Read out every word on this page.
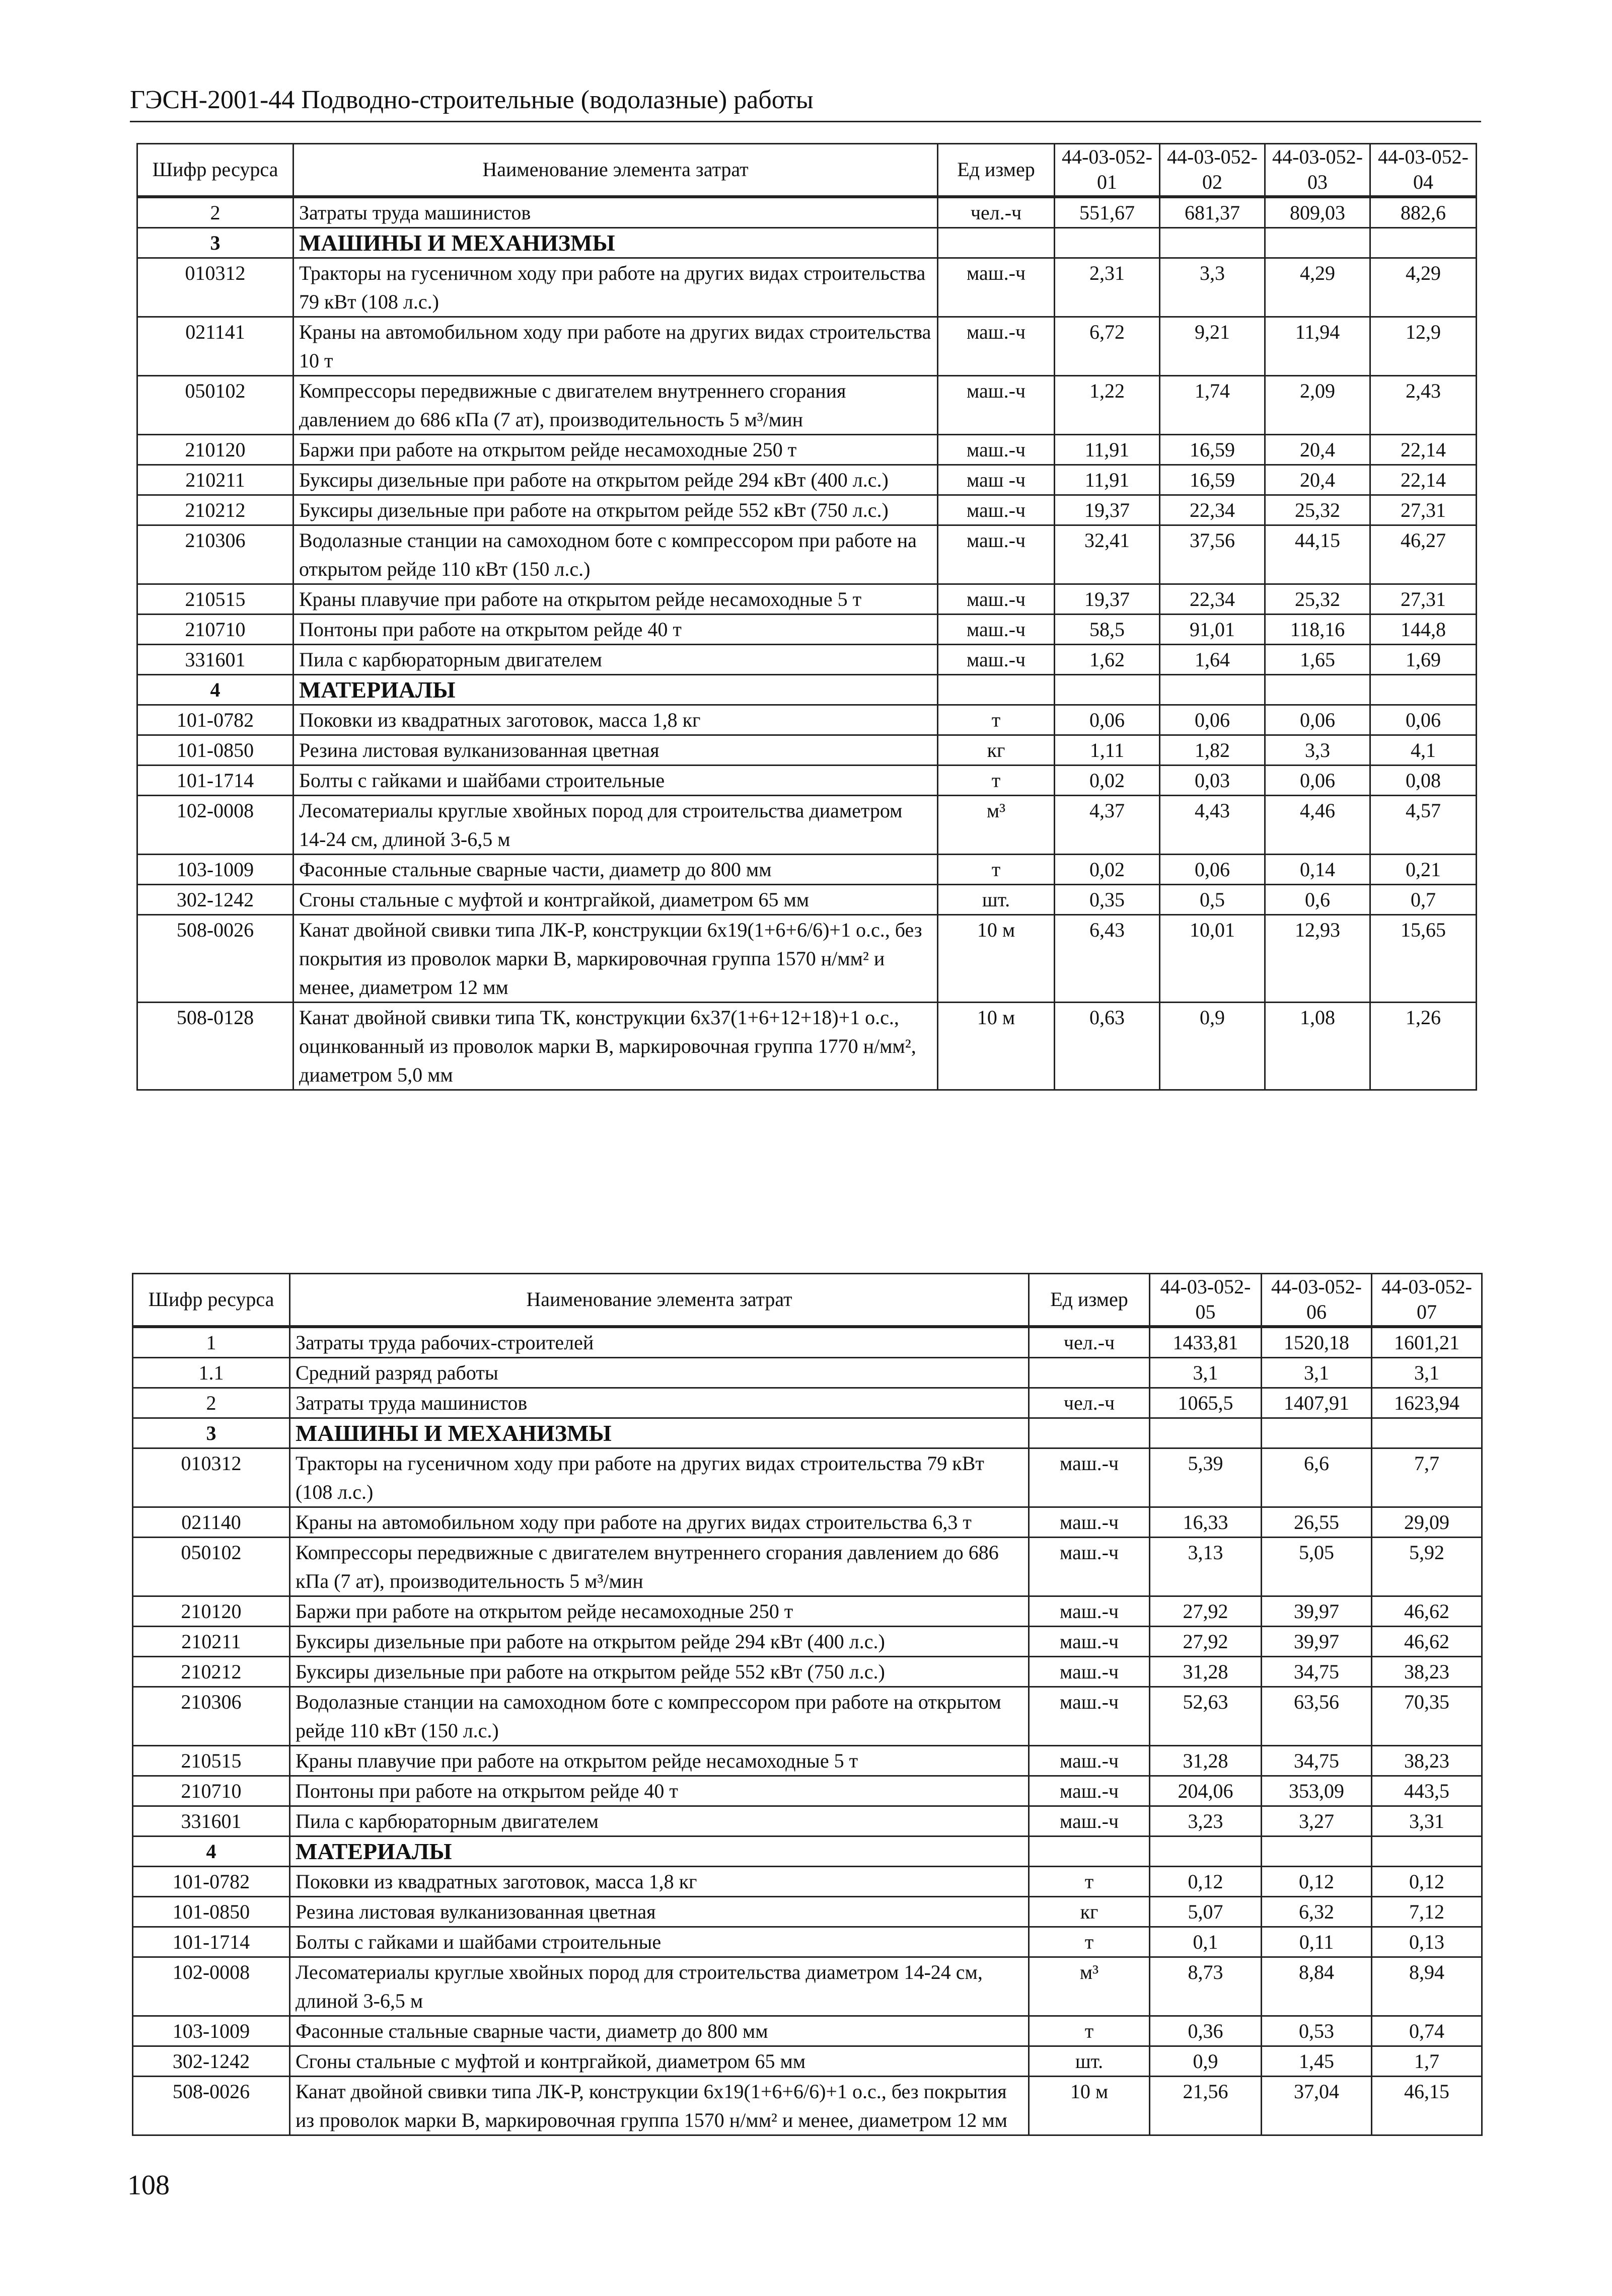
ГЭСН-2001-44 Подводно-строительные (водолазные) работы
Шифр ресурса	Наименование элемента затрат	Ед измер	44-03-052-01	44-03-052-02	44-03-052-03	44-03-052-04
2	Затраты труда машинистов	чел.-ч	551,67	681,37	809,03	882,6
3	МАШИНЫ И МЕХАНИЗМЫ					
010312	Тракторы на гусеничном ходу при работе на других видах строительства 79 кВт (108 л.с.)	маш.-ч	2,31	3,3	4,29	4,29
021141	Краны на автомобильном ходу при работе на других видах строительства 10 т	маш.-ч	6,72	9,21	11,94	12,9
050102	Компрессоры передвижные с двигателем внутреннего сгорания давлением до 686 кПа (7 ат), производительность 5 м³/мин	маш.-ч	1,22	1,74	2,09	2,43
210120	Баржи при работе на открытом рейде несамоходные 250 т	маш.-ч	11,91	16,59	20,4	22,14
210211	Буксиры дизельные при работе на открытом рейде 294 кВт (400 л.с.)	маш -ч	11,91	16,59	20,4	22,14
210212	Буксиры дизельные при работе на открытом рейде 552 кВт (750 л.с.)	маш.-ч	19,37	22,34	25,32	27,31
210306	Водолазные станции на самоходном боте с компрессором при работе на открытом рейде 110 кВт (150 л.с.)	маш.-ч	32,41	37,56	44,15	46,27
210515	Краны плавучие при работе на открытом рейде несамоходные 5 т	маш.-ч	19,37	22,34	25,32	27,31
210710	Понтоны при работе на открытом рейде 40 т	маш.-ч	58,5	91,01	118,16	144,8
331601	Пила с карбюраторным двигателем	маш.-ч	1,62	1,64	1,65	1,69
4	МАТЕРИАЛЫ					
101-0782	Поковки из квадратных заготовок, масса 1,8 кг	т	0,06	0,06	0,06	0,06
101-0850	Резина листовая вулканизованная цветная	кг	1,11	1,82	3,3	4,1
101-1714	Болты с гайками и шайбами строительные	т	0,02	0,03	0,06	0,08
102-0008	Лесоматериалы круглые хвойных пород для строительства диаметром 14-24 см, длиной 3-6,5 м	м³	4,37	4,43	4,46	4,57
103-1009	Фасонные стальные сварные части, диаметр до 800 мм	т	0,02	0,06	0,14	0,21
302-1242	Сгоны стальные с муфтой и контргайкой, диаметром 65 мм	шт.	0,35	0,5	0,6	0,7
508-0026	Канат двойной свивки типа ЛК-Р, конструкции 6х19(1+6+6/6)+1 о.с., без покрытия из проволок марки В, маркировочная группа 1570 н/мм² и менее, диаметром 12 мм	10 м	6,43	10,01	12,93	15,65
508-0128	Канат двойной свивки типа ТК, конструкции 6х37(1+6+12+18)+1 о.с., оцинкованный из проволок марки В, маркировочная группа 1770 н/мм², диаметром 5,0 мм	10 м	0,63	0,9	1,08	1,26
Шифр ресурса	Наименование элемента затрат	Ед измер	44-03-052-05	44-03-052-06	44-03-052-07
1	Затраты труда рабочих-строителей	чел.-ч	1433,81	1520,18	1601,21
1.1	Средний разряд работы		3,1	3,1	3,1
2	Затраты труда машинистов	чел.-ч	1065,5	1407,91	1623,94
3	МАШИНЫ И МЕХАНИЗМЫ				
010312	Тракторы на гусеничном ходу при работе на других видах строительства 79 кВт (108 л.с.)	маш.-ч	5,39	6,6	7,7
021140	Краны на автомобильном ходу при работе на других видах строительства 6,3 т	маш.-ч	16,33	26,55	29,09
050102	Компрессоры передвижные с двигателем внутреннего сгорания давлением до 686 кПа (7 ат), производительность 5 м³/мин	маш.-ч	3,13	5,05	5,92
210120	Баржи при работе на открытом рейде несамоходные 250 т	маш.-ч	27,92	39,97	46,62
210211	Буксиры дизельные при работе на открытом рейде 294 кВт (400 л.с.)	маш.-ч	27,92	39,97	46,62
210212	Буксиры дизельные при работе на открытом рейде 552 кВт (750 л.с.)	маш.-ч	31,28	34,75	38,23
210306	Водолазные станции на самоходном боте с компрессором при работе на открытом рейде 110 кВт (150 л.с.)	маш.-ч	52,63	63,56	70,35
210515	Краны плавучие при работе на открытом рейде несамоходные 5 т	маш.-ч	31,28	34,75	38,23
210710	Понтоны при работе на открытом рейде 40 т	маш.-ч	204,06	353,09	443,5
331601	Пила с карбюраторным двигателем	маш.-ч	3,23	3,27	3,31
4	МАТЕРИАЛЫ				
101-0782	Поковки из квадратных заготовок, масса 1,8 кг	т	0,12	0,12	0,12
101-0850	Резина листовая вулканизованная цветная	кг	5,07	6,32	7,12
101-1714	Болты с гайками и шайбами строительные	т	0,1	0,11	0,13
102-0008	Лесоматериалы круглые хвойных пород для строительства диаметром 14-24 см, длиной 3-6,5 м	м³	8,73	8,84	8,94
103-1009	Фасонные стальные сварные части, диаметр до 800 мм	т	0,36	0,53	0,74
302-1242	Сгоны стальные с муфтой и контргайкой, диаметром 65 мм	шт.	0,9	1,45	1,7
508-0026	Канат двойной свивки типа ЛК-Р, конструкции 6х19(1+6+6/6)+1 о.с., без покрытия из проволок марки В, маркировочная группа 1570 н/мм² и менее, диаметром 12 мм	10 м	21,56	37,04	46,15
108
